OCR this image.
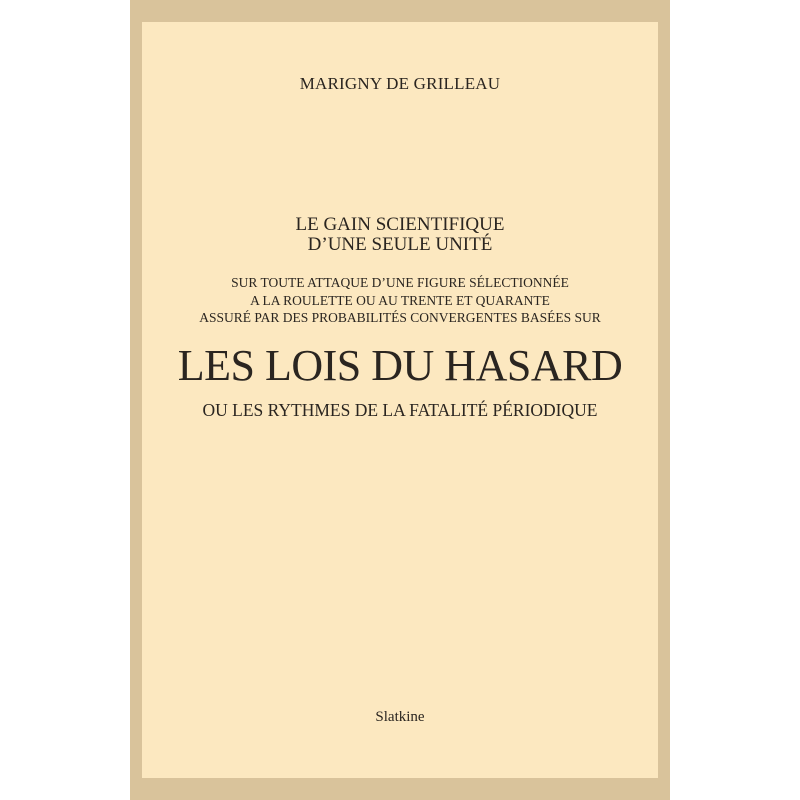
MARIGNY DE GRILLEAU
LE GAIN SCIENTIFIQUE
D’UNE SEULE UNITÉ
SUR TOUTE ATTAQUE D’UNE FIGURE SÉLECTIONNÉE
A LA ROULETTE OU AU TRENTE ET QUARANTE
ASSURÉ PAR DES PROBABILITÉS CONVERGENTES BASÉES SUR
LES LOIS DU HASARD
OU LES RYTHMES DE LA FATALITÉ PÉRIODIQUE
Slatkine
